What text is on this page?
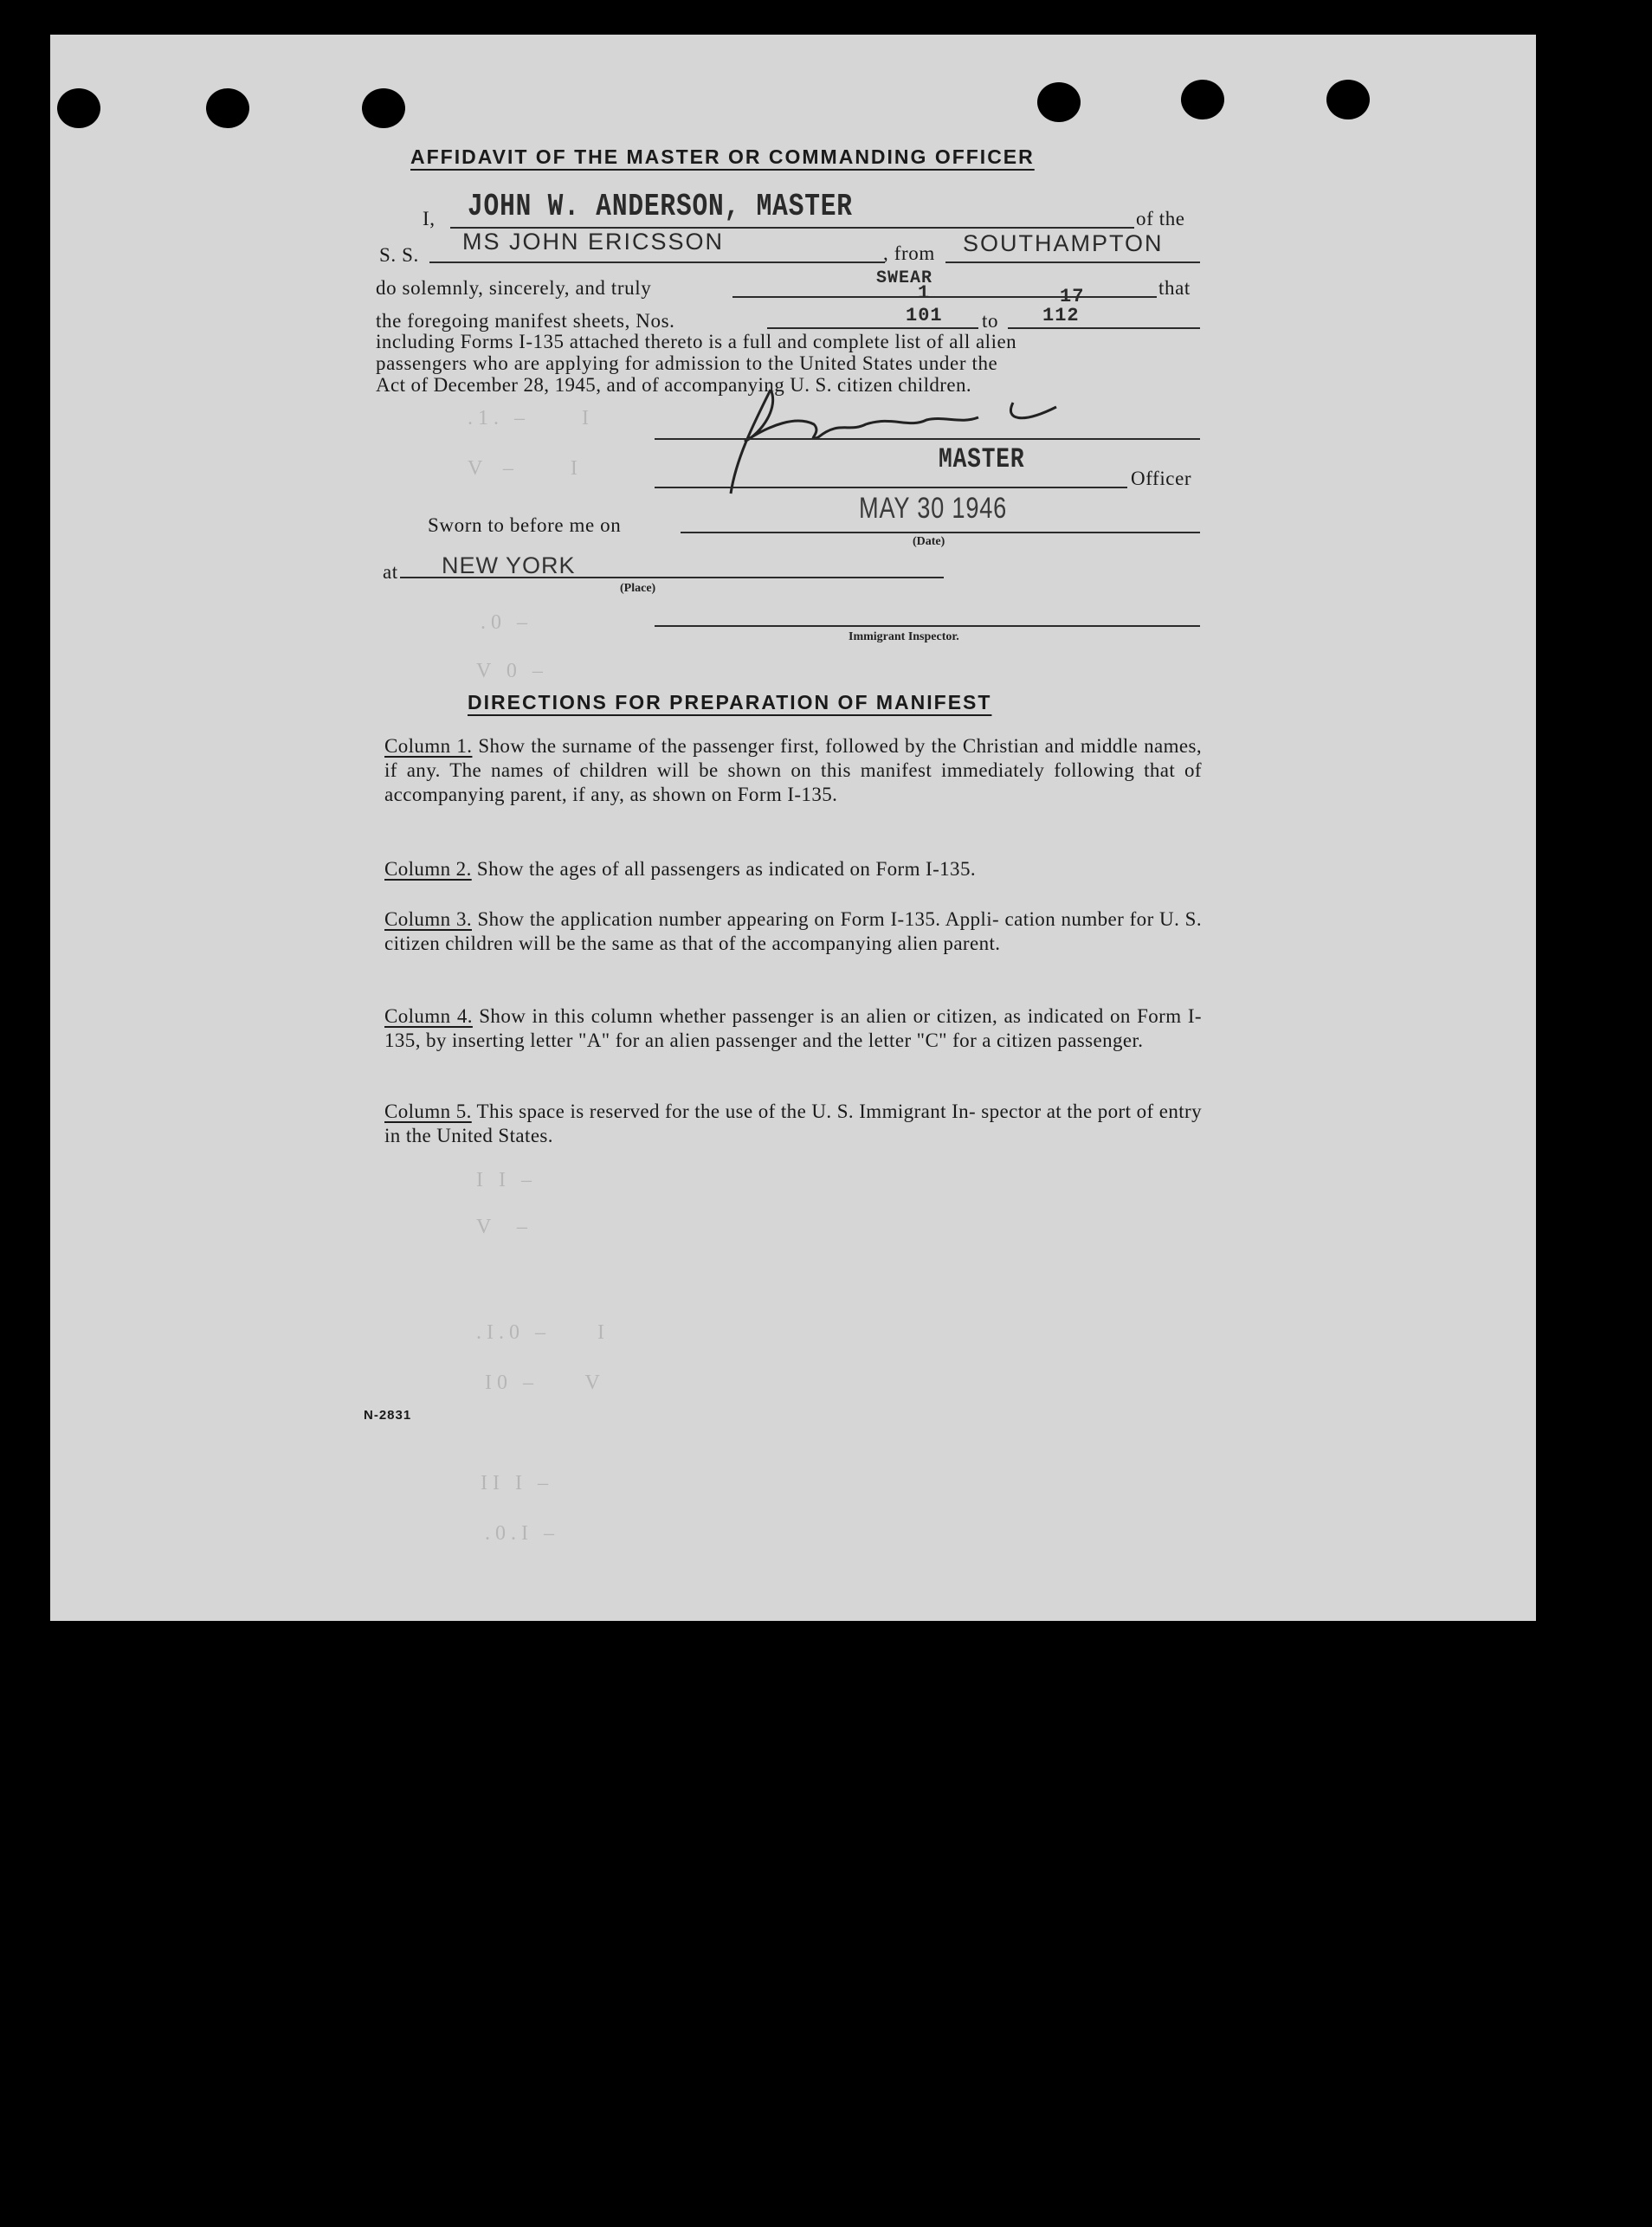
. 1 .   –           I
V    –           I
. 0   –
V   0   –
I   I   –
V     –
. I . 0   –          I
I 0   –          V
I I   I   –
. 0 . I   –
AFFIDAVIT OF THE MASTER OR COMMANDING OFFICER
I, JOHN W. ANDERSON, MASTER	of the
S. S.
MS JOHN ERICSSON	, from SOUTHAMPTON
do solemnly, sincerely, and truly	SWEAR
1	17	that
the foregoing manifest sheets, Nos.	101 to 112
including Forms I-135 attached thereto is a full and complete list of all alien
passengers who are applying for admission to the United States under the
Act of December 28, 1945, and of accompanying U. S. citizen children.
MASTER
Officer
Sworn to before me on
MAY 30 1946
(Date)
at NEW YORK
(Place)
Immigrant Inspector.
DIRECTIONS FOR PREPARATION OF MANIFEST
Column 1. Show the surname of the passenger first, followed by the Christian and middle names, if any. The names of children will be shown on this manifest immediately following that of accompanying parent, if any, as shown on Form I-135.
Column 2. Show the ages of all passengers as indicated on Form I-135.
Column 3. Show the application number appearing on Form I-135. Appli- cation number for U. S. citizen children will be the same as that of the accompanying alien parent.
Column 4. Show in this column whether passenger is an alien or citizen, as indicated on Form I-135, by inserting letter "A" for an alien passenger and the letter "C" for a citizen passenger.
Column 5. This space is reserved for the use of the U. S. Immigrant In- spector at the port of entry in the United States.
N-2831
